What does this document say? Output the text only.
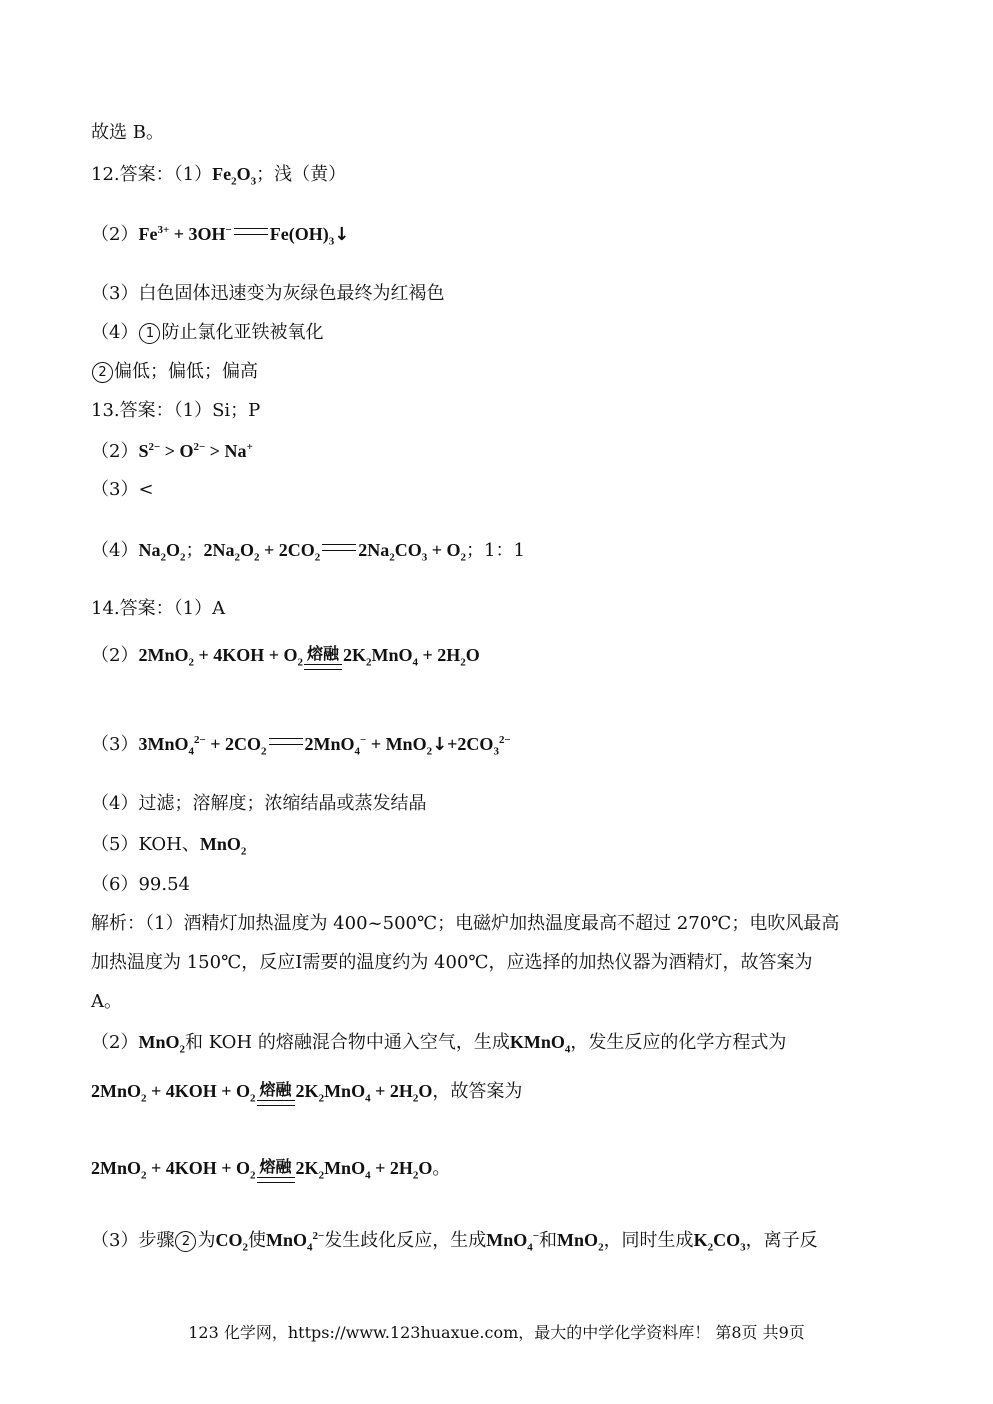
故选 B。
12.答案：$(1)Fe_2O_3$；浅（黄）
$(2)Fe^{3+} + 3OH^-$ $Fe(OH)_3↓$
（3）白色固体迅速变为灰绿色最终为红褐色
（4） 1 防止氯化亚铁被氧化
2 偏低；偏低；偏高
13.答案：（1）Si；P
$(2)S^{2-} > O^{2-} > Na^+$
（3）<
$(4)Na_2O_2$；$2Na_2O_2 + 2CO_2$ $2Na_2CO_3 + O_2$；1：1
14.答案：（1）A
$(2)2MnO_2 + 4KOH + O_2$ 熔融 $2K_2MnO_4 + 2H_2O$
$(3)3MnO_4^{2-} + 2CO_2$ $2MnO_4^- + MnO_2↓+2CO_3^{2-}$
（4）过滤；溶解度；浓缩结晶或蒸发结晶
（5）KOH、MnO$_2$
（6）99.54
解析：（1）酒精灯加热温度为 400~500℃；电磁炉加热温度最高不超过 270℃；电吹风最高
加热温度为 150℃，反应Ⅰ需要的温度约为 400℃，应选择的加热仪器为酒精灯，故答案为
A。
（2）MnO$_2$和 KOH 的熔融混合物中通入空气，生成KMnO$_4$，发生反应的化学方程式为
$2MnO_2 + 4KOH + O_2$ 熔融 $2K_2MnO_4 + 2H_2O$，故答案为
$2MnO_2 + 4KOH + O_2$ 熔融 $2K_2MnO_4 + 2H_2O$。
（3）步骤 2 为$CO_2$使MnO$_4^{2-}$发生歧化反应，生成MnO$_4$−和MnO$_2$，同时生成$K_2CO_3$，离子反
123 化学网，https://www.123huaxue.com，最大的中学化学资料库！ 第8页 共9页
